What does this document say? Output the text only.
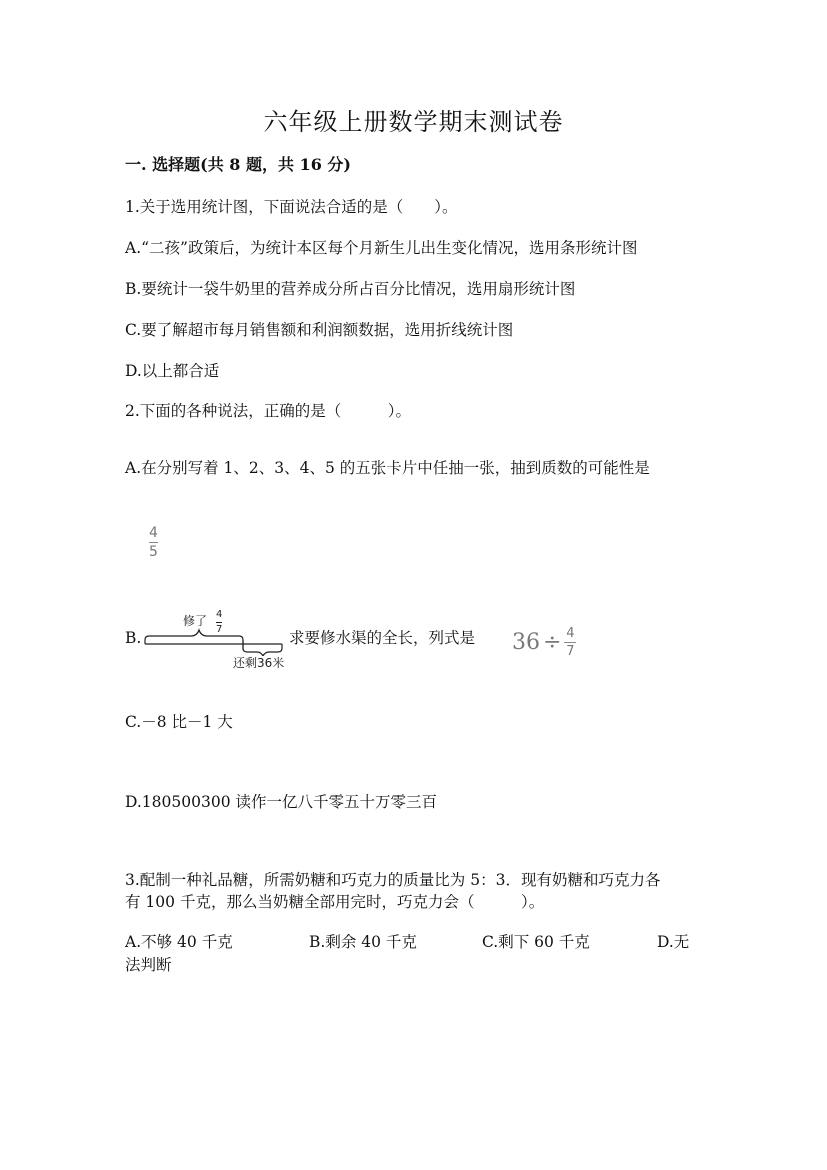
六年级上册数学期末测试卷
一. 选择题(共 8 题，共 16 分)
1.关于选用统计图，下面说法合适的是（　　）。
A.“二孩”政策后，为统计本区每个月新生儿出生变化情况，选用条形统计图
B.要统计一袋牛奶里的营养成分所占百分比情况，选用扇形统计图
C.要了解超市每月销售额和利润额数据，选用折线统计图
D.以上都合适
2.下面的各种说法，正确的是（　　　）。
A.在分别写着 1、2、3、4、5 的五张卡片中任抽一张，抽到质数的可能性是
4
5
B.
修了 4
7
还剩36米
求要修水渠的全长，列式是 36 ÷ 4
7
C.－8 比－1 大
D.180500300 读作一亿八千零五十万零三百
3.配制一种礼品糖，所需奶糖和巧克力的质量比为 5：3．现有奶糖和巧克力各
有 100 千克，那么当奶糖全部用完时，巧克力会（　　　）。
A.不够 40 千克	B.剩余 40 千克	C.剩下 60 千克	D.无
法判断
